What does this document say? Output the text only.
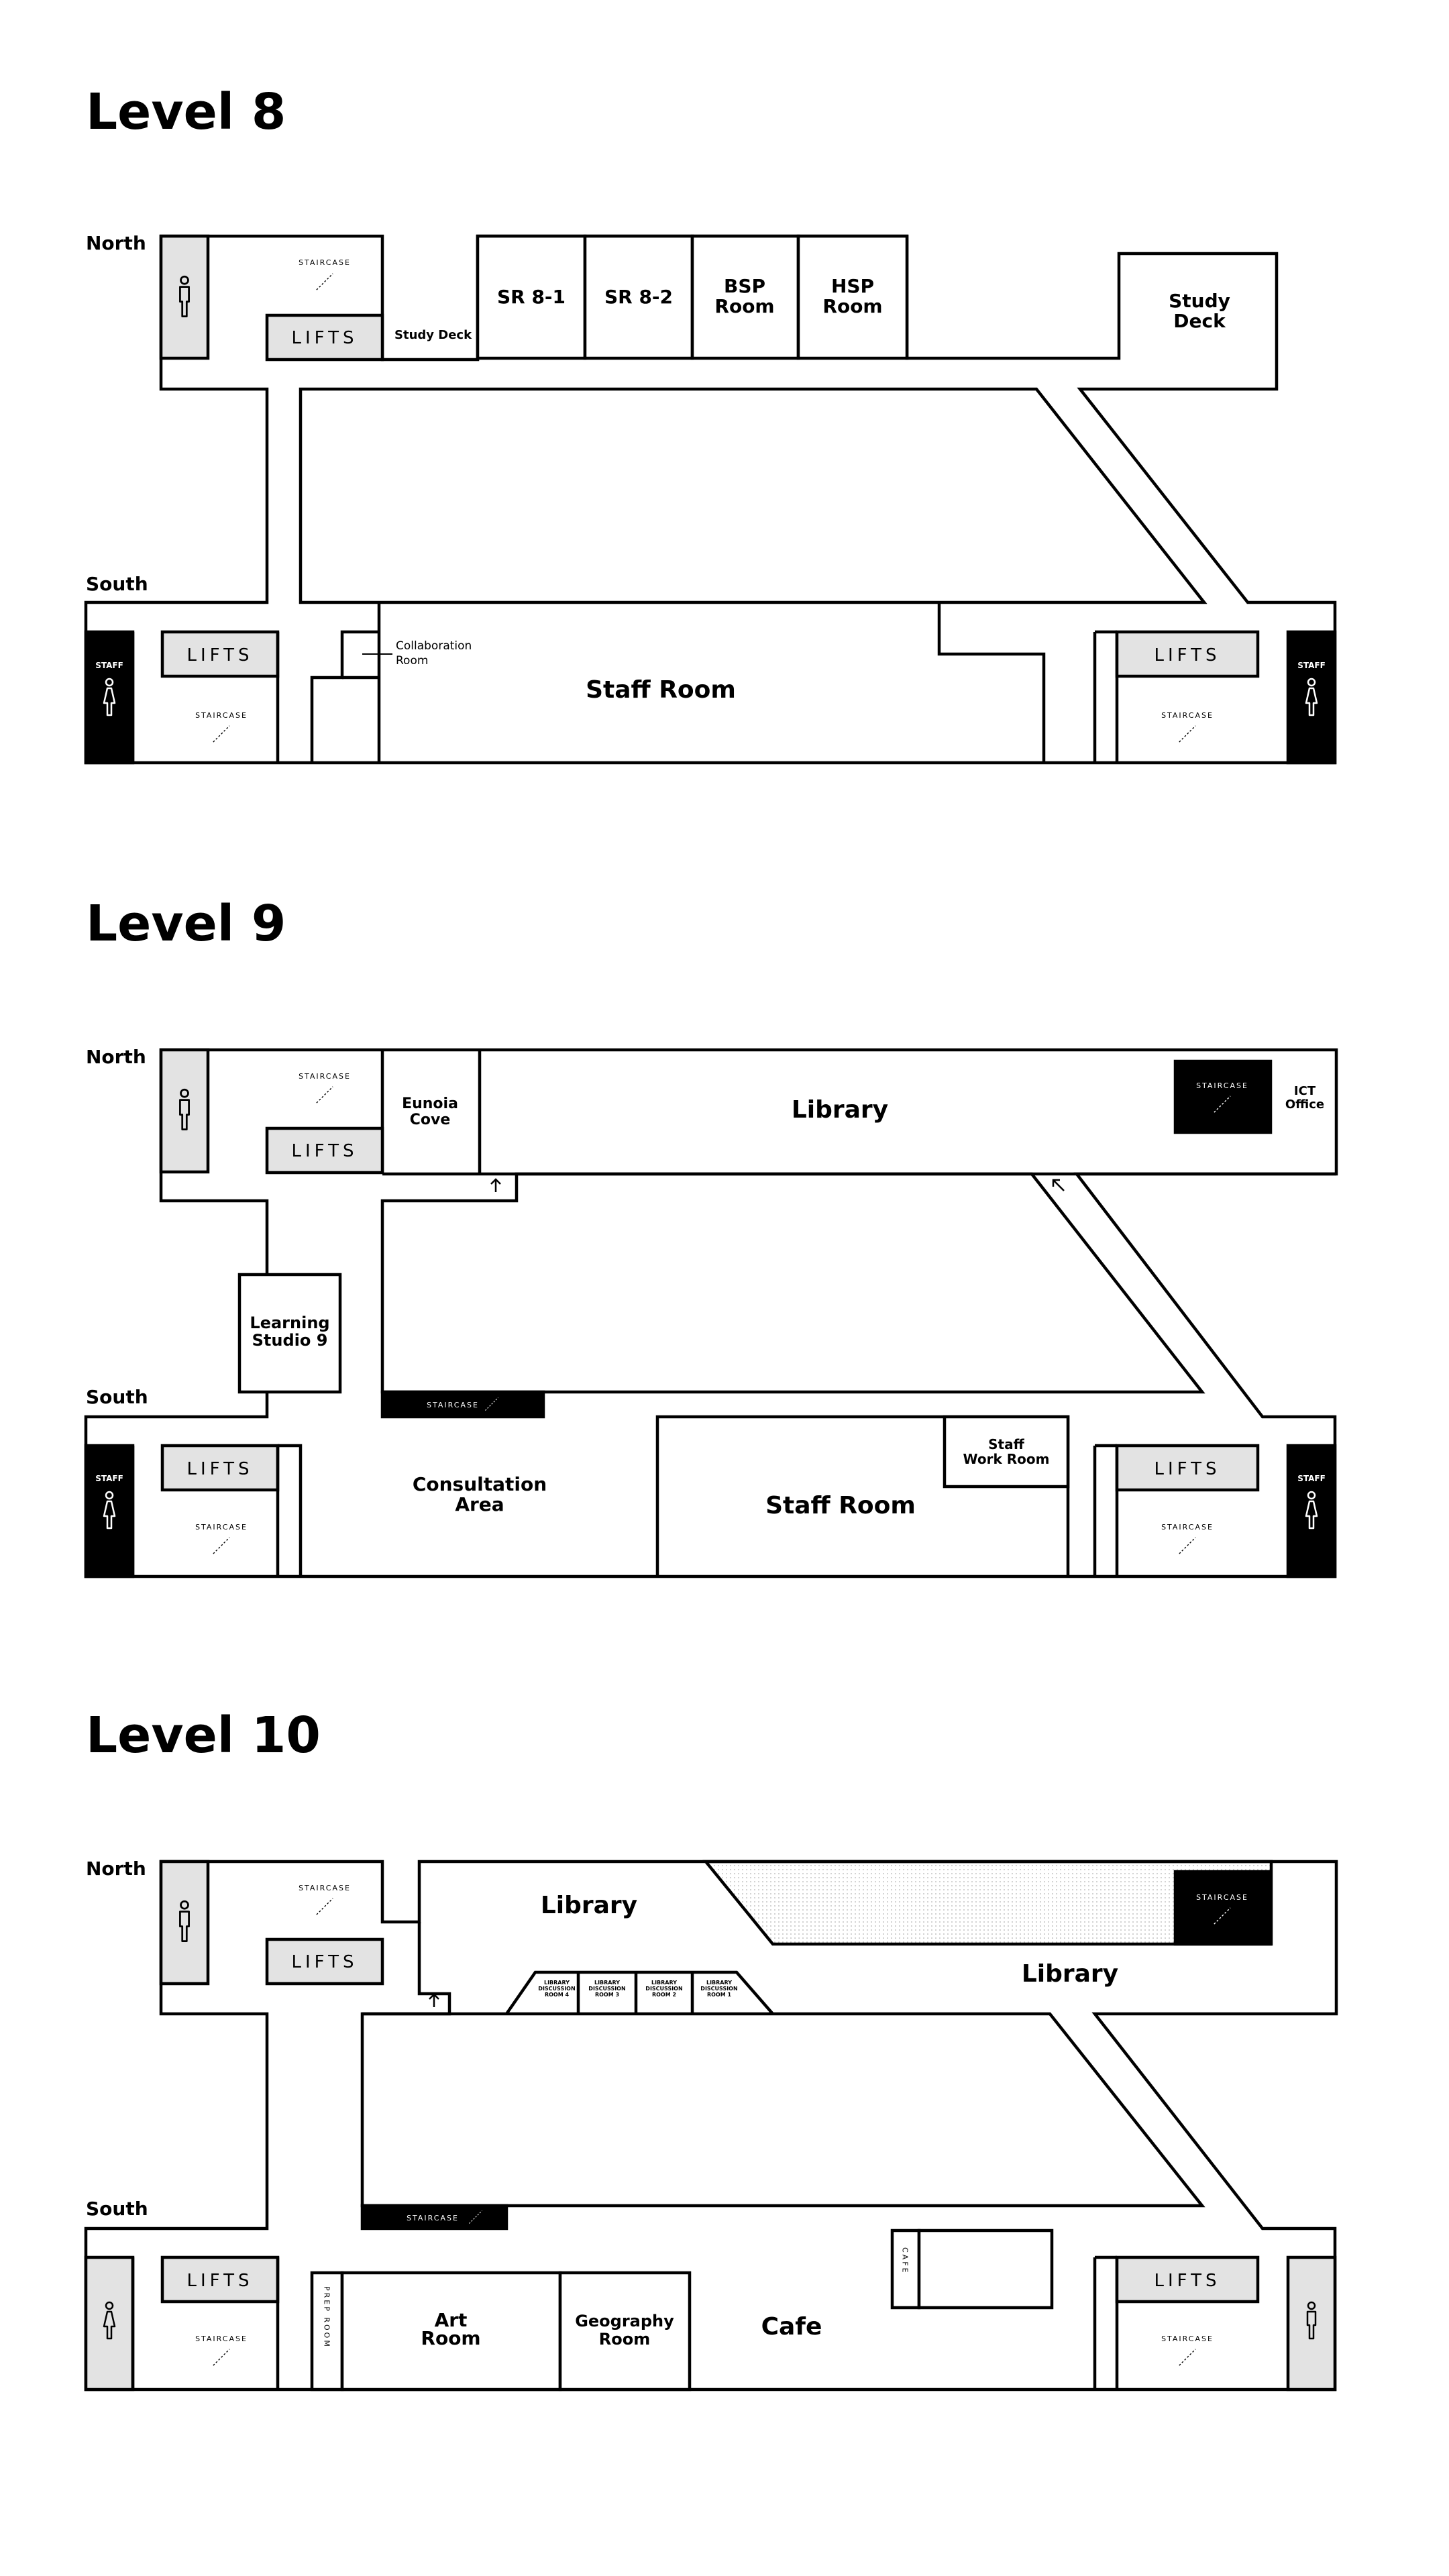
Level 8
North
South
STAIRCASE
LIFTS	Study Deck
SR 8-1 SR 8-2	BSP
Room
HSP
Room	Study
Deck
STAFF	LIFTS
STAIRCASE
Collaboration
Room
Staff Room
LIFTS
STAIRCASE
STAFF
Level 9
North
South
STAIRCASE
LIFTS
Eunoia
Cove	Library
STAIRCASE	ICT
Office
Learning
Studio 9
STAIRCASE
STAFF	LIFTS
STAIRCASE
Consultation
Area
Staff
Work Room
Staff Room
LIFTS
STAIRCASE
STAFF
Level 10
North
South
STAIRCASE
LIFTS
Library	STAIRCASE
Library
LIBRARY
DISCUSSION
ROOM 4
LIBRARY
DISCUSSION
ROOM 3
LIBRARY
DISCUSSION
ROOM 2
LIBRARY
DISCUSSION
ROOM 1
STAIRCASE
LIFTS
STAIRCASE	PREP ROOM	Art
Room
Geography
Room	Cafe
CAFE
LIFTS
STAIRCASE
